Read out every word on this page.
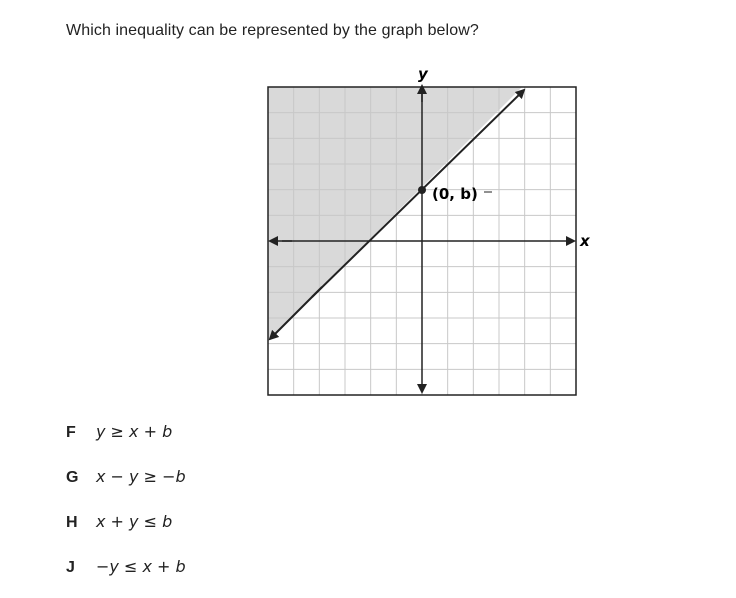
Which inequality can be represented by the graph below?
(0, b)
y
x
F	y ≥ x + b
G	x − y ≥ −b
H	x + y ≤ b
J	−y ≤ x + b
